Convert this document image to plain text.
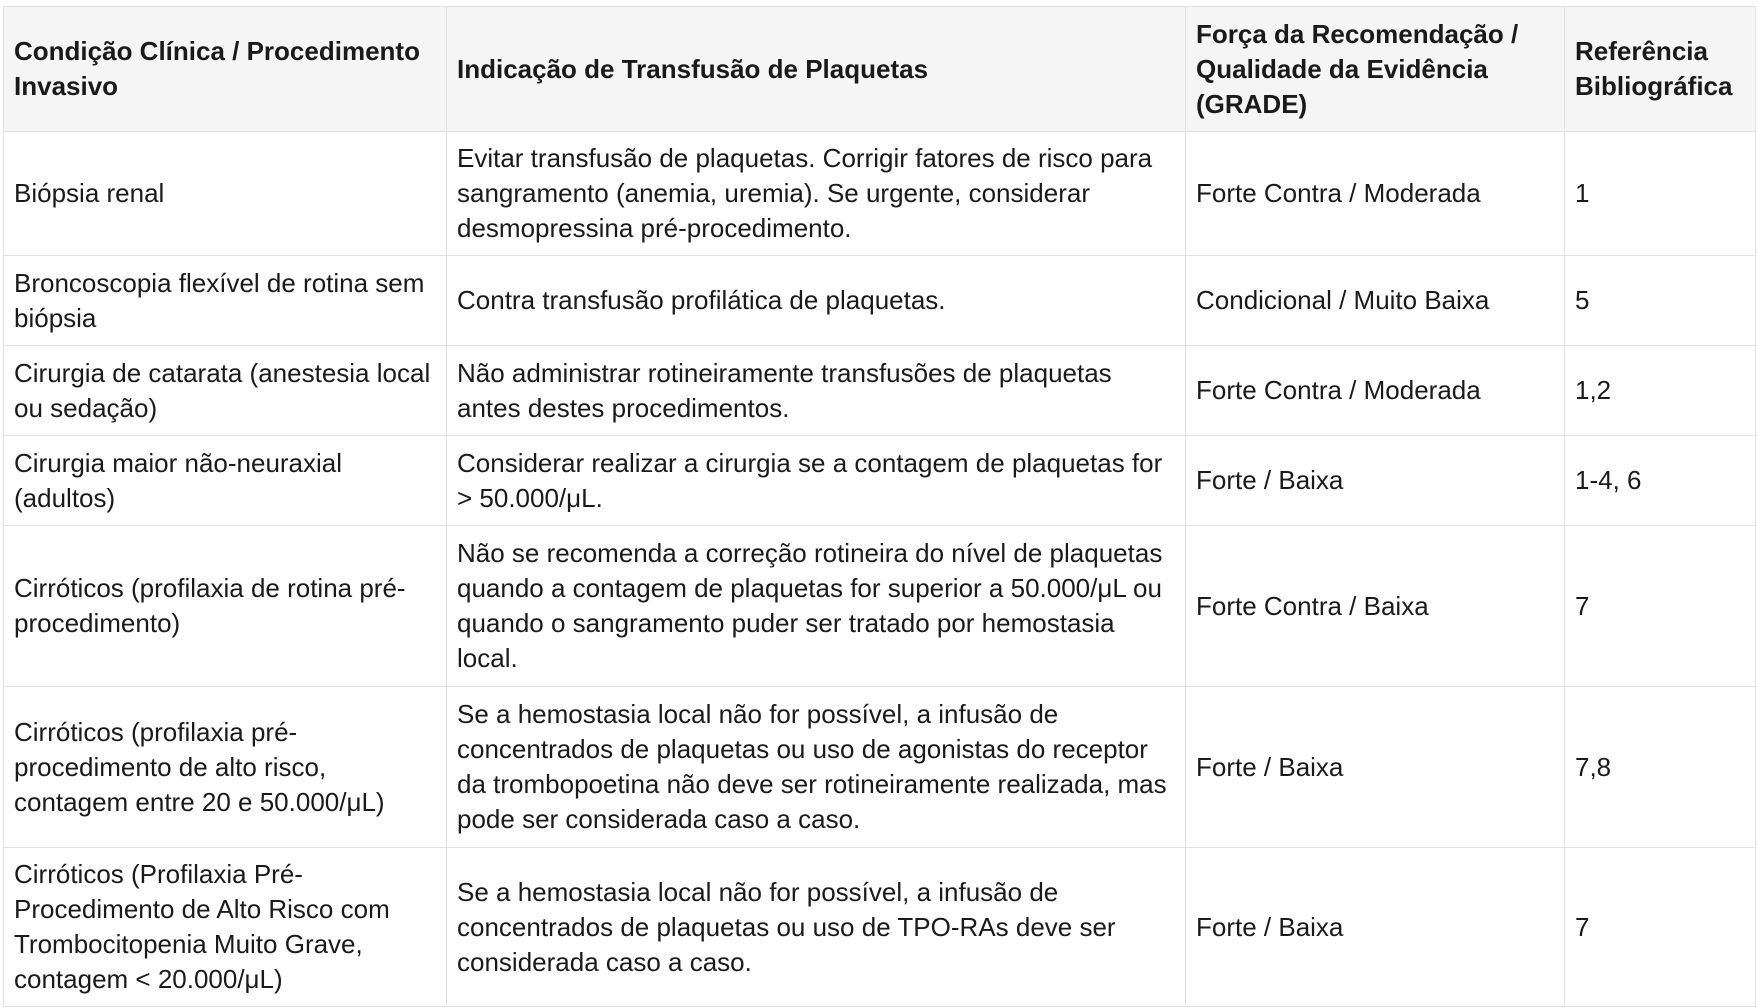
Condição Clínica / Procedimento Invasivo	Indicação de Transfusão de Plaquetas	Força da Recomendação / Qualidade da Evidência (GRADE)	Referência Bibliográfica
Biópsia renal	Evitar transfusão de plaquetas. Corrigir fatores de risco para sangramento (anemia, uremia). Se urgente, considerar desmopressina pré-procedimento.	Forte Contra / Moderada	1
Broncoscopia flexível de rotina sem biópsia	Contra transfusão profilática de plaquetas.	Condicional / Muito Baixa	5
Cirurgia de catarata (anestesia local ou sedação)	Não administrar rotineiramente transfusões de plaquetas antes destes procedimentos.	Forte Contra / Moderada	1,2
Cirurgia maior não-neuraxial (adultos)	Considerar realizar a cirurgia se a contagem de plaquetas for > 50.000/μL.	Forte / Baixa	1-4, 6
Cirróticos (profilaxia de rotina pré-procedimento)	Não se recomenda a correção rotineira do nível de plaquetas quando a contagem de plaquetas for superior a 50.000/μL ou quando o sangramento puder ser tratado por hemostasia local.	Forte Contra / Baixa	7
Cirróticos (profilaxia pré-procedimento de alto risco, contagem entre 20 e 50.000/μL)	Se a hemostasia local não for possível, a infusão de concentrados de plaquetas ou uso de agonistas do receptor da trombopoetina não deve ser rotineiramente realizada, mas pode ser considerada caso a caso.	Forte / Baixa	7,8
Cirróticos (Profilaxia Pré-Procedimento de Alto Risco com Trombocitopenia Muito Grave, contagem < 20.000/μL)	Se a hemostasia local não for possível, a infusão de concentrados de plaquetas ou uso de TPO-RAs deve ser considerada caso a caso.	Forte / Baixa	7
